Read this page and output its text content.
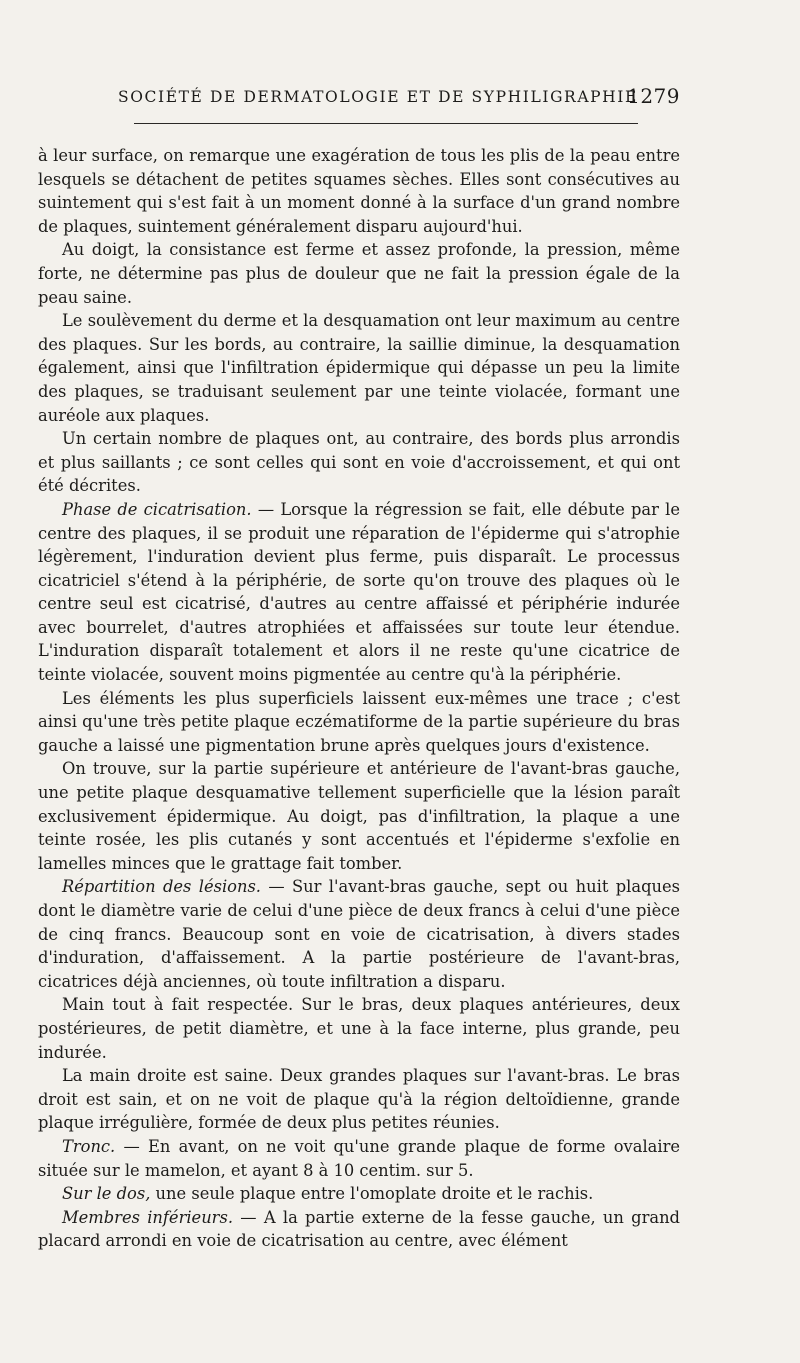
SOCIÉTÉ DE DERMATOLOGIE ET DE SYPHILIGRAPHIE
1279

à leur surface, on remarque une exagération de tous les plis de la peau entre lesquels se détachent de petites squames sèches. Elles sont consécutives au suintement qui s'est fait à un moment donné à la surface d'un grand nombre de plaques, suintement généralement disparu aujourd'hui.

Au doigt, la consistance est ferme et assez profonde, la pression, même forte, ne détermine pas plus de douleur que ne fait la pression égale de la peau saine.

Le soulèvement du derme et la desquamation ont leur maximum au centre des plaques. Sur les bords, au contraire, la saillie diminue, la desquamation également, ainsi que l'infiltration épidermique qui dépasse un peu la limite des plaques, se traduisant seulement par une teinte violacée, formant une auréole aux plaques.

Un certain nombre de plaques ont, au contraire, des bords plus arrondis et plus saillants ; ce sont celles qui sont en voie d'accroissement, et qui ont été décrites.

Phase de cicatrisation. — Lorsque la régression se fait, elle débute par le centre des plaques, il se produit une réparation de l'épiderme qui s'atrophie légèrement, l'induration devient plus ferme, puis disparaît. Le processus cicatriciel s'étend à la périphérie, de sorte qu'on trouve des plaques où le centre seul est cicatrisé, d'autres au centre affaissé et périphérie indurée avec bourrelet, d'autres atrophiées et affaissées sur toute leur étendue. L'induration disparaît totalement et alors il ne reste qu'une cicatrice de teinte violacée, souvent moins pigmentée au centre qu'à la périphérie.

Les éléments les plus superficiels laissent eux-mêmes une trace ; c'est ainsi qu'une très petite plaque eczématiforme de la partie supérieure du bras gauche a laissé une pigmentation brune après quelques jours d'existence.

On trouve, sur la partie supérieure et antérieure de l'avant-bras gauche, une petite plaque desquamative tellement superficielle que la lésion paraît exclusivement épidermique. Au doigt, pas d'infiltration, la plaque a une teinte rosée, les plis cutanés y sont accentués et l'épiderme s'exfolie en lamelles minces que le grattage fait tomber.

Répartition des lésions. — Sur l'avant-bras gauche, sept ou huit plaques dont le diamètre varie de celui d'une pièce de deux francs à celui d'une pièce de cinq francs. Beaucoup sont en voie de cicatrisation, à divers stades d'induration, d'affaissement. A la partie postérieure de l'avant-bras, cicatrices déjà anciennes, où toute infiltration a disparu.

Main tout à fait respectée. Sur le bras, deux plaques antérieures, deux postérieures, de petit diamètre, et une à la face interne, plus grande, peu indurée.

La main droite est saine. Deux grandes plaques sur l'avant-bras. Le bras droit est sain, et on ne voit de plaque qu'à la région deltoïdienne, grande plaque irrégulière, formée de deux plus petites réunies.

Tronc. — En avant, on ne voit qu'une grande plaque de forme ovalaire située sur le mamelon, et ayant 8 à 10 centim. sur 5.

Sur le dos, une seule plaque entre l'omoplate droite et le rachis.

Membres inférieurs. — A la partie externe de la fesse gauche, un grand placard arrondi en voie de cicatrisation au centre, avec élément
